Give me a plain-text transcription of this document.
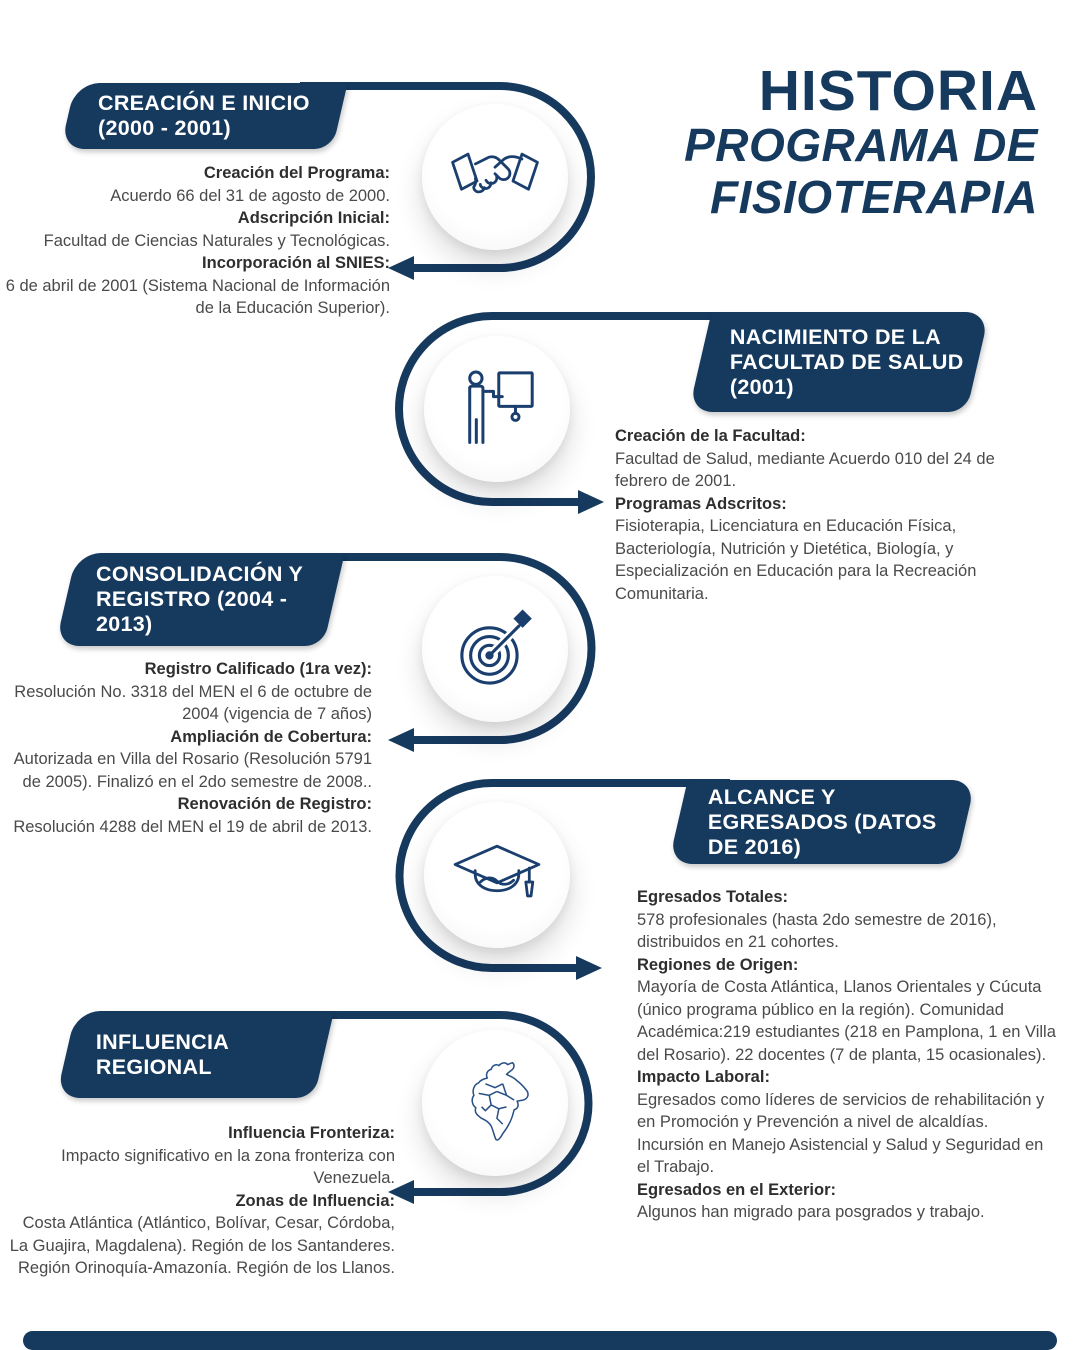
HISTORIA
PROGRAMA DE
FISIOTERAPIA
CREACIÓN E INICIO
(2000 - 2001)
Creación del Programa:
Acuerdo 66 del 31 de agosto de 2000.
Adscripción Inicial:
Facultad de Ciencias Naturales y Tecnológicas.
Incorporación al SNIES:
6 de abril de 2001 (Sistema Nacional de Información de la Educación Superior).
NACIMIENTO DE LA
FACULTAD DE SALUD
(2001)
Creación de la Facultad:
Facultad de Salud, mediante Acuerdo 010 del 24 de febrero de 2001.
Programas Adscritos:
Fisioterapia, Licenciatura en Educación Física, Bacteriología, Nutrición y Dietética, Biología, y Especialización en Educación para la Recreación Comunitaria.
CONSOLIDACIÓN Y
REGISTRO (2004 -
2013)
Registro Calificado (1ra vez):
Resolución No. 3318 del MEN el 6 de octubre de 2004 (vigencia de 7 años)
Ampliación de Cobertura:
Autorizada en Villa del Rosario (Resolución 5791 de 2005). Finalizó en el 2do semestre de 2008..
Renovación de Registro:
Resolución 4288 del MEN el 19 de abril de 2013.
ALCANCE Y
EGRESADOS (DATOS
DE 2016)
Egresados Totales:
578 profesionales (hasta 2do semestre de 2016), distribuidos en 21 cohortes.
Regiones de Origen:
Mayoría de Costa Atlántica, Llanos Orientales y Cúcuta (único programa público en la región). Comunidad Académica:219 estudiantes (218 en Pamplona, 1 en Villa del Rosario). 22 docentes (7 de planta, 15 ocasionales).
Impacto Laboral:
Egresados como líderes de servicios de rehabilitación y en Promoción y Prevención a nivel de alcaldías. Incursión en Manejo Asistencial y Salud y Seguridad en el Trabajo.
Egresados en el Exterior:
Algunos han migrado para posgrados y trabajo.
INFLUENCIA
REGIONAL
Influencia Fronteriza:
Impacto significativo en la zona fronteriza con Venezuela.
Zonas de Influencia:
Costa Atlántica (Atlántico, Bolívar, Cesar, Córdoba, La Guajira, Magdalena). Región de los Santanderes. Región Orinoquía-Amazonía. Región de los Llanos.
